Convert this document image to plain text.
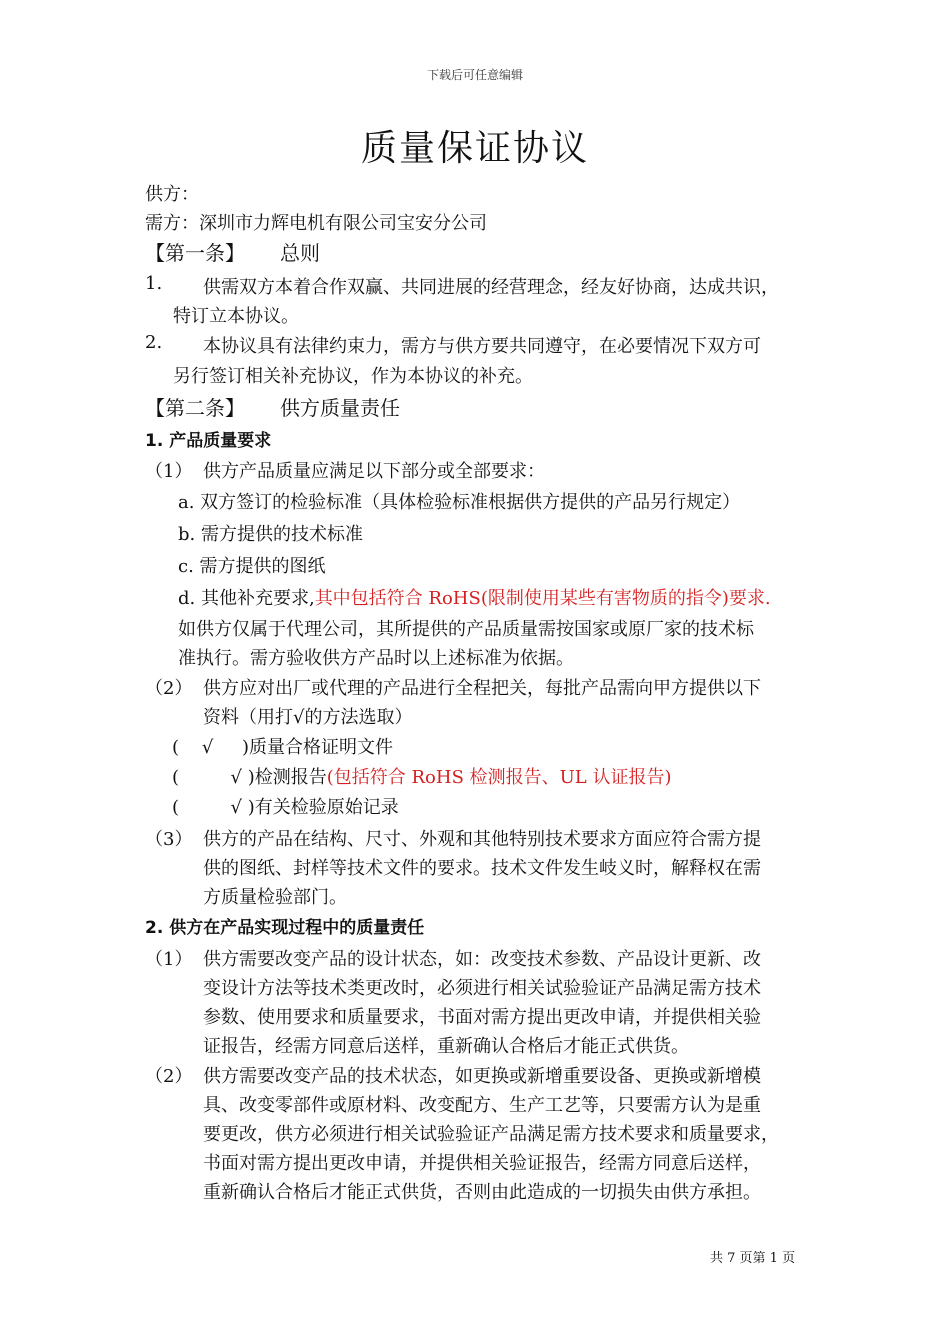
下载后可任意编辑
质量保证协议
供方：
需方：深圳市力辉电机有限公司宝安分公司
【第一条】 总则
1. 供需双方本着合作双赢、共同进展的经营理念，经友好协商，达成共识，
特订立本协议。
2. 本协议具有法律约束力，需方与供方要共同遵守，在必要情况下双方可
另行签订相关补充协议，作为本协议的补充。
【第二条】 供方质量责任
1. 产品质量要求
（1） 供方产品质量应满足以下部分或全部要求：
a. 双方签订的检验标准（具体检验标准根据供方提供的产品另行规定）
b. 需方提供的技术标准
c. 需方提供的图纸
d. 其他补充要求,其中包括符合 RoHS(限制使用某些有害物质的指令)要求.
如供方仅属于代理公司，其所提供的产品质量需按国家或原厂家的技术标
准执行。需方验收供方产品时以上述标准为依据。
（2） 供方应对出厂或代理的产品进行全程把关，每批产品需向甲方提供以下
资料（用打√的方法选取）
(    √     )质量合格证明文件
(         √ )检测报告(包括符合 RoHS 检测报告、UL 认证报告)
(         √ )有关检验原始记录
（3） 供方的产品在结构、尺寸、外观和其他特别技术要求方面应符合需方提
供的图纸、封样等技术文件的要求。技术文件发生岐义时，解释权在需
方质量检验部门。
2. 供方在产品实现过程中的质量责任
（1） 供方需要改变产品的设计状态，如：改变技术参数、产品设计更新、改
变设计方法等技术类更改时，必须进行相关试验验证产品满足需方技术
参数、使用要求和质量要求，书面对需方提出更改申请，并提供相关验
证报告，经需方同意后送样，重新确认合格后才能正式供货。
（2） 供方需要改变产品的技术状态，如更换或新增重要设备、更换或新增模
具、改变零部件或原材料、改变配方、生产工艺等，只要需方认为是重
要更改，供方必须进行相关试验验证产品满足需方技术要求和质量要求，
书面对需方提出更改申请，并提供相关验证报告，经需方同意后送样，
重新确认合格后才能正式供货，否则由此造成的一切损失由供方承担。
共 7 页第 1 页
